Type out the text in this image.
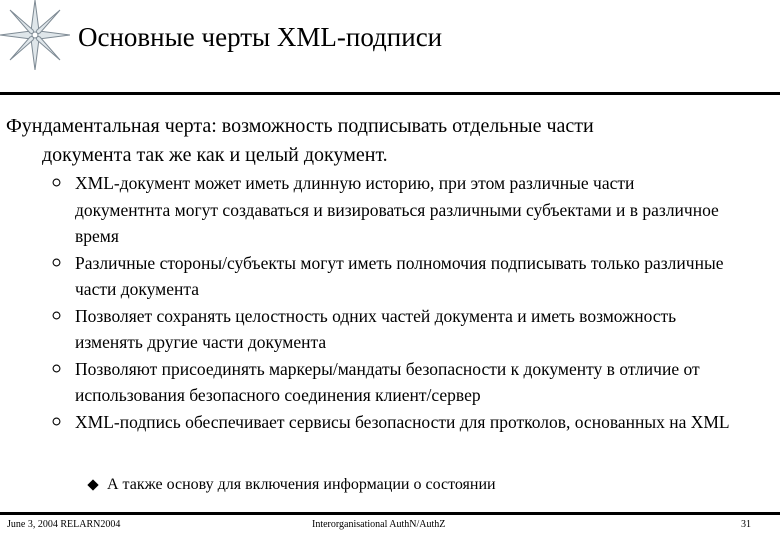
Основные черты XML-подписи
Фундаментальная черта: возможность подписывать отдельные части
документа так же как и целый документ.
XML-документ может иметь длинную историю, при этом различные части документнта могут создаваться и визироваться различными субъектами и в различное время
Различные стороны/субъекты могут иметь полномочия подписывать только различные части документа
Позволяет сохранять целостность одних частей документа и иметь возможность изменять другие части документа
Позволяют присоединять маркеры/мандаты безопасности к документу в отличие от использования безопасного соединения клиент/сервер
XML-подпись обеспечивает сервисы безопасности для протколов, основанных на XML
А также основу для включения информации о состоянии
June 3, 2004 RELARN2004	Interorganisational AuthN/AuthZ	31
